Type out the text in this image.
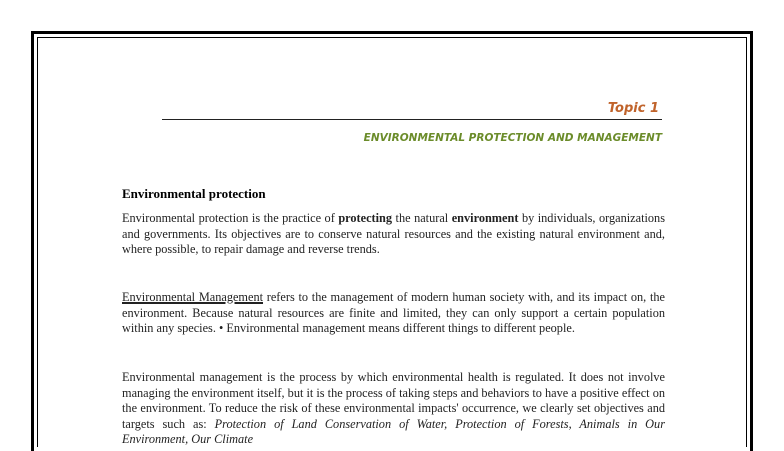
Topic 1
ENVIRONMENTAL PROTECTION AND MANAGEMENT
Environmental protection

Environmental protection is the practice of protecting the natural environment by individuals, organizations and governments. Its objectives are to conserve natural resources and the existing natural environment and, where possible, to repair damage and reverse trends.

Environmental Management refers to the management of modern human society with, and its impact on, the environment. Because natural resources are finite and limited, they can only support a certain population within any species. • Environmental management means different things to different people.

Environmental management is the process by which environmental health is regulated. It does not involve managing the environment itself, but it is the process of taking steps and behaviors to have a positive effect on the environment. To reduce the risk of these environmental impacts' occurrence, we clearly set objectives and targets such as: Protection of Land Conservation of Water, Protection of Forests, Animals in Our Environment, Our Climate
